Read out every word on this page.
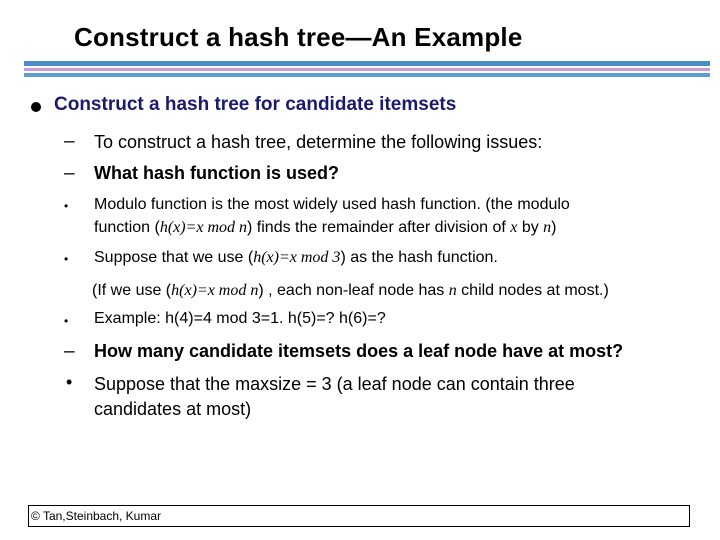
Construct a hash tree—An Example
Construct a hash tree for candidate itemsets
– To construct a hash tree, determine the following issues:
– What hash function is used?
• Modulo function is the most widely used hash function. (the modulo
function (h(x)=x mod n) finds the remainder after division of x by n)
• Suppose that we use (h(x)=x mod 3) as the hash function.
(If we use (h(x)=x mod n) , each non-leaf node has n child nodes at most.)
• Example: h(4)=4 mod 3=1. h(5)=? h(6)=?
– How many candidate itemsets does a leaf node have at most?
• Suppose that the maxsize = 3 (a leaf node can contain three
candidates at most)
© Tan,Steinbach, Kumar
